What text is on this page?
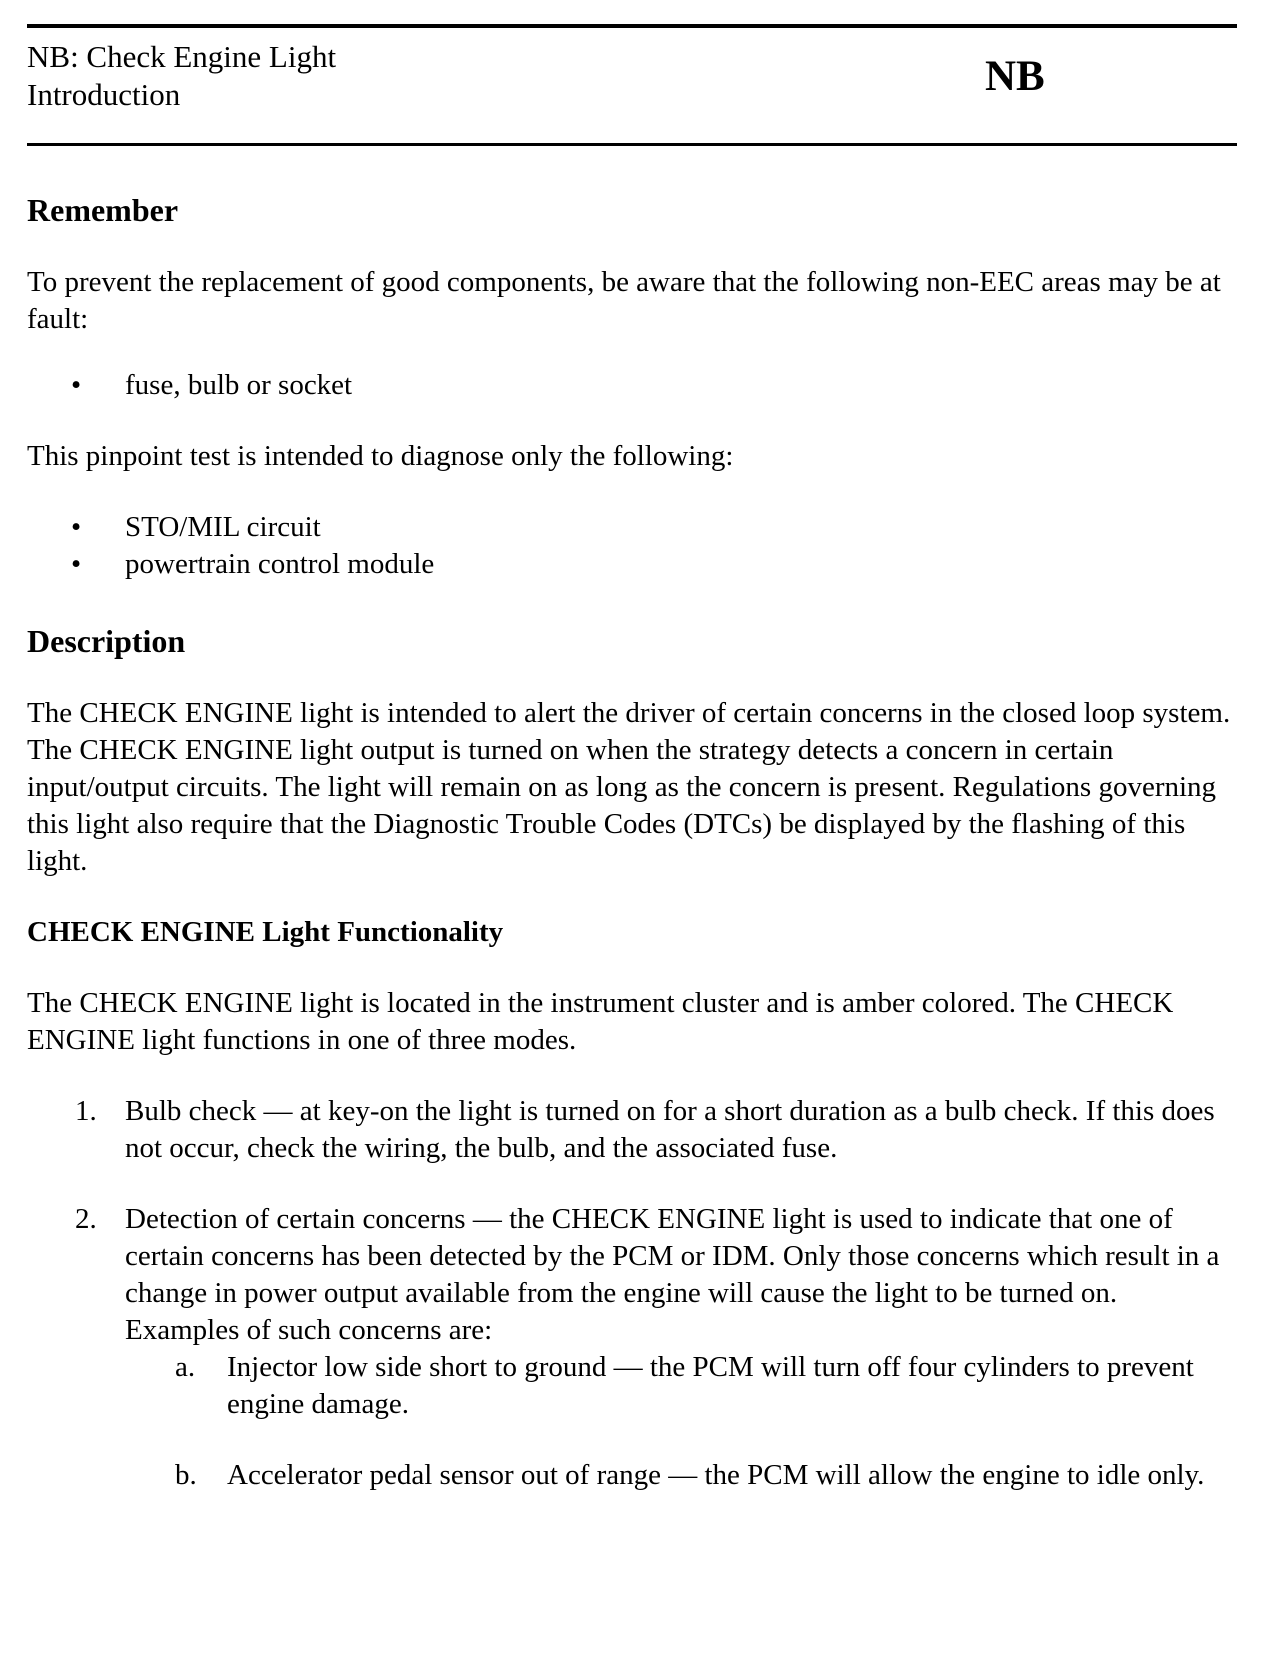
NB: Check Engine Light
Introduction	NB
Remember

To prevent the replacement of good components, be aware that the following non-EEC areas may be at fault:

• fuse, bulb or socket

This pinpoint test is intended to diagnose only the following:

• STO/MIL circuit
• powertrain control module
Description

The CHECK ENGINE light is intended to alert the driver of certain concerns in the closed loop system. The CHECK ENGINE light output is turned on when the strategy detects a concern in certain input/output circuits. The light will remain on as long as the concern is present. Regulations governing this light also require that the Diagnostic Trouble Codes (DTCs) be displayed by the flashing of this light.

CHECK ENGINE Light Functionality

The CHECK ENGINE light is located in the instrument cluster and is amber colored. The CHECK ENGINE light functions in one of three modes.

1. Bulb check — at key-on the light is turned on for a short duration as a bulb check. If this does not occur, check the wiring, the bulb, and the associated fuse.
2. Detection of certain concerns — the CHECK ENGINE light is used to indicate that one of certain concerns has been detected by the PCM or IDM. Only those concerns which result in a change in power output available from the engine will cause the light to be turned on. Examples of such concerns are:
a. Injector low side short to ground — the PCM will turn off four cylinders to prevent engine damage.
b. Accelerator pedal sensor out of range — the PCM will allow the engine to idle only.
